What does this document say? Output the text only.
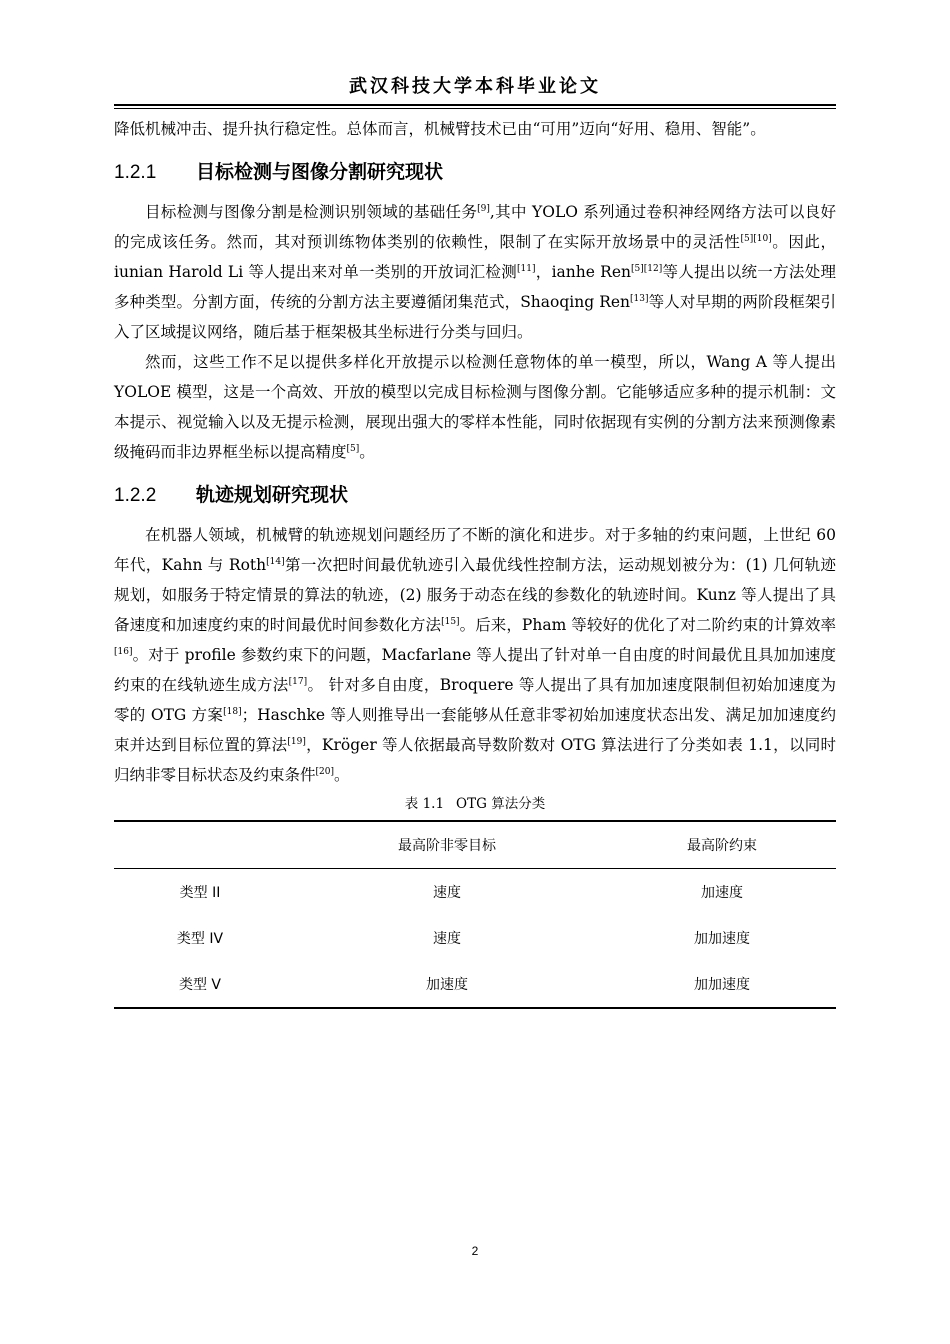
武汉科技大学本科毕业论文

降低机械冲击、提升执行稳定性。总体而言，机械臂技术已由“可用”迈向“好用、稳用、智能”。

1.2.1 目标检测与图像分割研究现状

目标检测与图像分割是检测识别领域的基础任务[9],其中 YOLO 系列通过卷积神经网络方法可以良好的完成该任务。然而，其对预训练物体类别的依赖性，限制了在实际开放场景中的灵活性[5][10]。因此，iunian Harold Li 等人提出来对单一类别的开放词汇检测[11]，ianhe Ren[5][12]等人提出以统一方法处理多种类型。分割方面，传统的分割方法主要遵循闭集范式，Shaoqing Ren[13]等人对早期的两阶段框架引入了区域提议网络，随后基于框架极其坐标进行分类与回归。

然而，这些工作不足以提供多样化开放提示以检测任意物体的单一模型，所以，Wang A 等人提出 YOLOE 模型，这是一个高效、开放的模型以完成目标检测与图像分割。它能够适应多种的提示机制：文本提示、视觉输入以及无提示检测，展现出强大的零样本性能，同时依据现有实例的分割方法来预测像素级掩码而非边界框坐标以提高精度[5]。

1.2.2 轨迹规划研究现状

在机器人领域，机械臂的轨迹规划问题经历了不断的演化和进步。对于多轴的约束问题，上世纪 60 年代，Kahn 与 Roth[14]第一次把时间最优轨迹引入最优线性控制方法，运动规划被分为：(1) 几何轨迹规划，如服务于特定情景的算法的轨迹，(2) 服务于动态在线的参数化的轨迹时间。Kunz 等人提出了具备速度和加速度约束的时间最优时间参数化方法[15]。后来，Pham 等较好的优化了对二阶约束的计算效率[16]。对于 profile 参数约束下的问题，Macfarlane 等人提出了针对单一自由度的时间最优且具加加速度约束的在线轨迹生成方法[17]。 针对多自由度，Broquere 等人提出了具有加加速度限制但初始加速度为零的 OTG 方案[18]；Haschke 等人则推导出一套能够从任意非零初始加速度状态出发、满足加加速度约束并达到目标位置的算法[19]，Kröger 等人依据最高导数阶数对 OTG 算法进行了分类如表 1.1，以同时归纳非零目标状态及约束条件[20]。

表 1.1 OTG 算法分类
	最高阶非零目标	最高阶约束
类型 II	速度	加速度
类型 IV	速度	加加速度
类型 V	加速度	加加速度
2
